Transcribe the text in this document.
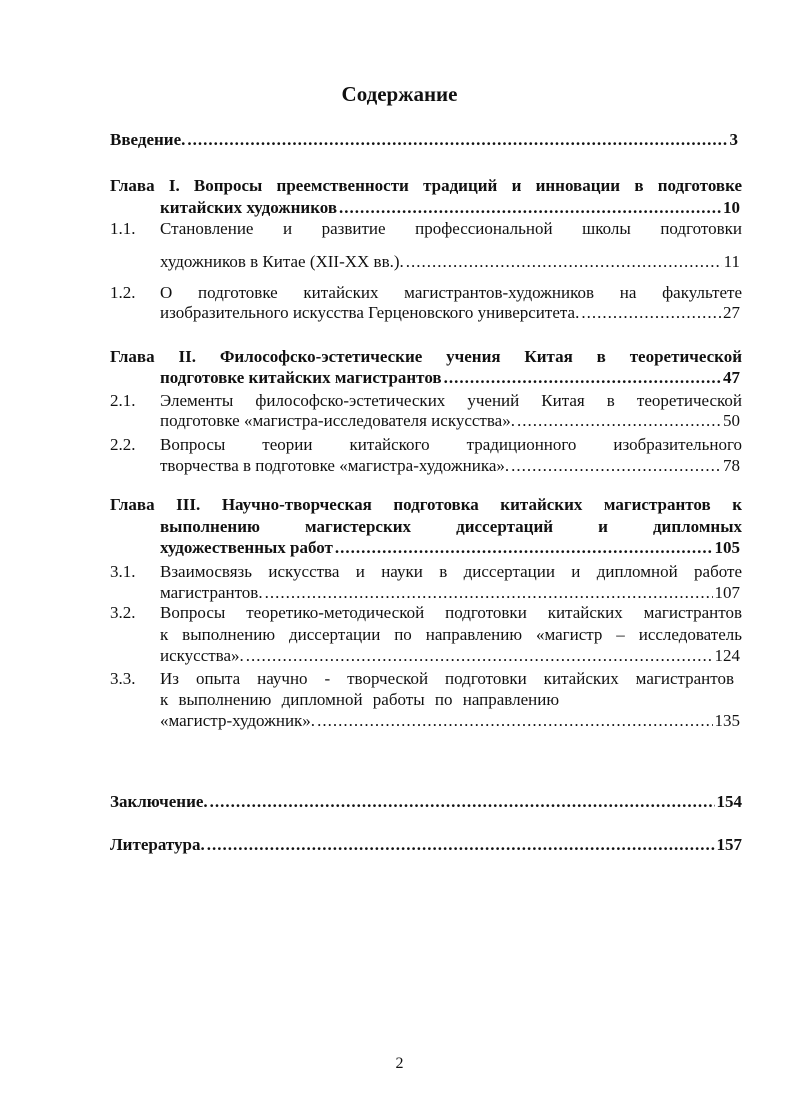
Содержание
Введение. .....	3
Глава I. Вопросы преемственности традиций и инновации в подготовке
китайских художников .....	10
1.1. Становление и развитие профессиональной школы подготовки
художников в Китае (XII-XX вв.). .....	11
1.2. О подготовке китайских магистрантов-художников на факультете
изобразительного искусства Герценовского университета. .....	27
Глава II. Философско-эстетические учения Китая в теоретической
подготовке китайских магистрантов .....	47
2.1. Элементы философско-эстетических учений Китая в теоретической
подготовке «магистра-исследователя искусства». .....	50
2.2. Вопросы теории китайского традиционного изобразительного
творчества в подготовке «магистра-художника». .....	78
Глава III. Научно-творческая подготовка китайских магистрантов к
выполнению магистерских диссертаций и дипломных
художественных работ .....	105
3.1. Взаимосвязь искусства и науки в диссертации и дипломной работе
магистрантов. .....	107
3.2. Вопросы теоретико-методической подготовки китайских магистрантов
к выполнению диссертации по направлению «магистр – исследователь
искусства». .....	124
3.3. Из опыта научно - творческой подготовки китайских магистрантов
к выполнению дипломной работы по направлению
«магистр-художник». .....	135
Заключение. .....	154
Литература. .....	157
2
